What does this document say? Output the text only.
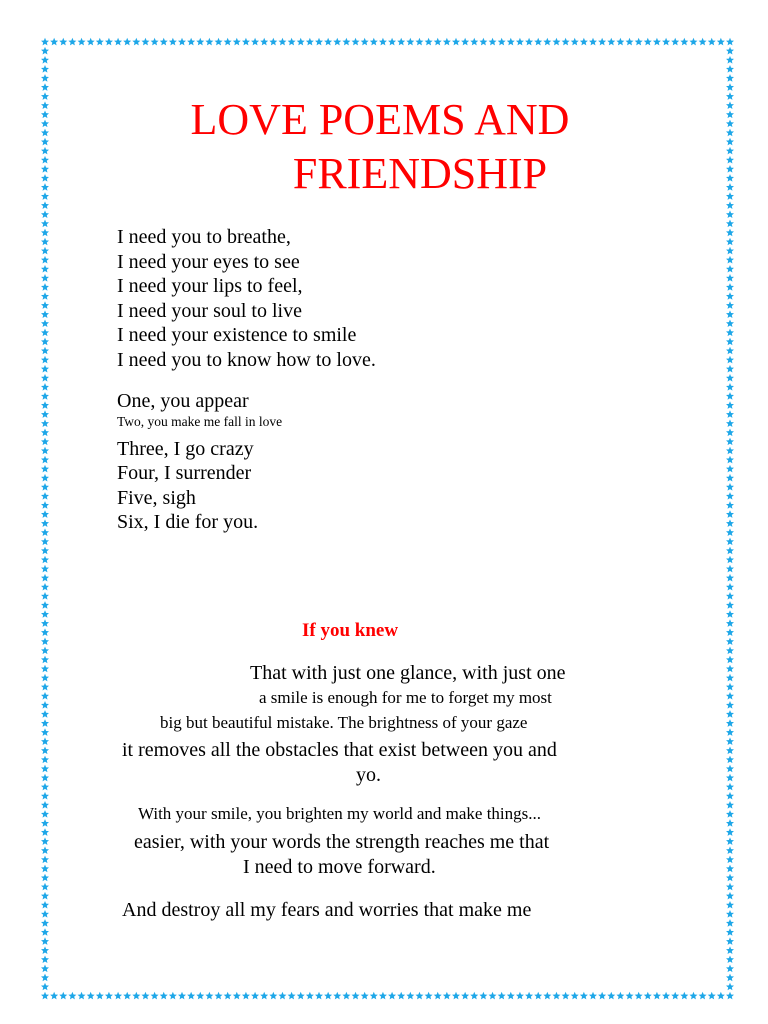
LOVE POEMS AND
FRIENDSHIP
I need you to breathe,
I need your eyes to see
I need your lips to feel,
I need your soul to live
I need your existence to smile
I need you to know how to love.
One, you appear
Two, you make me fall in love
Three, I go crazy
Four, I surrender
Five, sigh
Six, I die for you.
If you knew
That with just one glance, with just one
a smile is enough for me to forget my most
big but beautiful mistake. The brightness of your gaze
it removes all the obstacles that exist between you and
yo.
With your smile, you brighten my world and make things...
easier, with your words the strength reaches me that
I need to move forward.
And destroy all my fears and worries that make me
